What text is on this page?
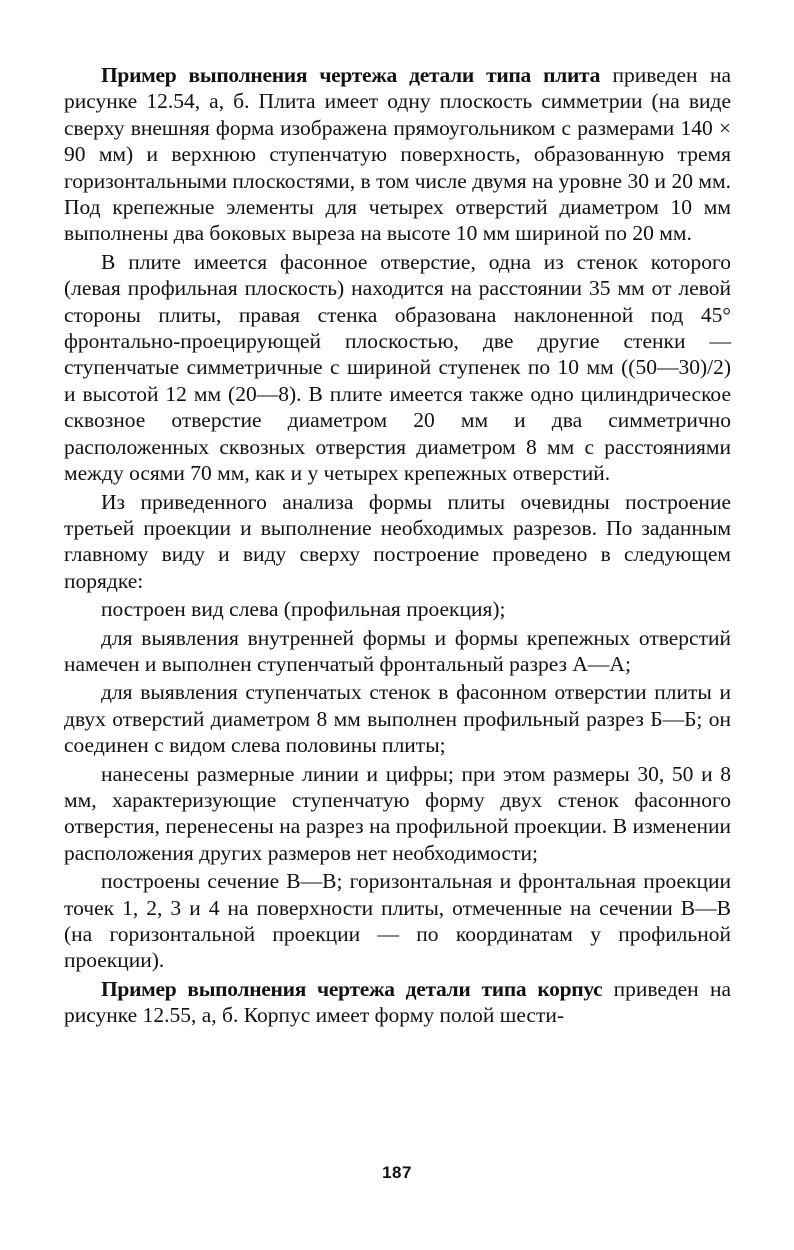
Пример выполнения чертежа детали типа плита приведен на рисунке 12.54, а, б. Плита имеет одну плоскость симметрии (на виде сверху внешняя форма изображена прямоугольником с размерами 140 × 90 мм) и верхнюю ступенчатую поверхность, образованную тремя горизонтальными плоскостями, в том числе двумя на уровне 30 и 20 мм. Под крепежные элементы для четырех отверстий диаметром 10 мм выполнены два боковых выреза на высоте 10 мм шириной по 20 мм.

В плите имеется фасонное отверстие, одна из стенок которого (левая профильная плоскость) находится на расстоянии 35 мм от левой стороны плиты, правая стенка образована наклоненной под 45° фронтально-проецирующей плоскостью, две другие стенки — ступенчатые симметричные с шириной ступенек по 10 мм ((50—30)/2) и высотой 12 мм (20—8). В плите имеется также одно цилиндрическое сквозное отверстие диаметром 20 мм и два симметрично расположенных сквозных отверстия диаметром 8 мм с расстояниями между осями 70 мм, как и у четырех крепежных отверстий.

Из приведенного анализа формы плиты очевидны построение третьей проекции и выполнение необходимых разрезов. По заданным главному виду и виду сверху построение проведено в следующем порядке:

построен вид слева (профильная проекция);

для выявления внутренней формы и формы крепежных отверстий намечен и выполнен ступенчатый фронтальный разрез А—А;

для выявления ступенчатых стенок в фасонном отверстии плиты и двух отверстий диаметром 8 мм выполнен профильный разрез Б—Б; он соединен с видом слева половины плиты;

нанесены размерные линии и цифры; при этом размеры 30, 50 и 8 мм, характеризующие ступенчатую форму двух стенок фасонного отверстия, перенесены на разрез на профильной проекции. В изменении расположения других размеров нет необходимости;

построены сечение В—В; горизонтальная и фронтальная проекции точек 1, 2, 3 и 4 на поверхности плиты, отмеченные на сечении В—В (на горизонтальной проекции — по координатам у профильной проекции).

Пример выполнения чертежа детали типа корпус приведен на рисунке 12.55, а, б. Корпус имеет форму полой шести-

187
